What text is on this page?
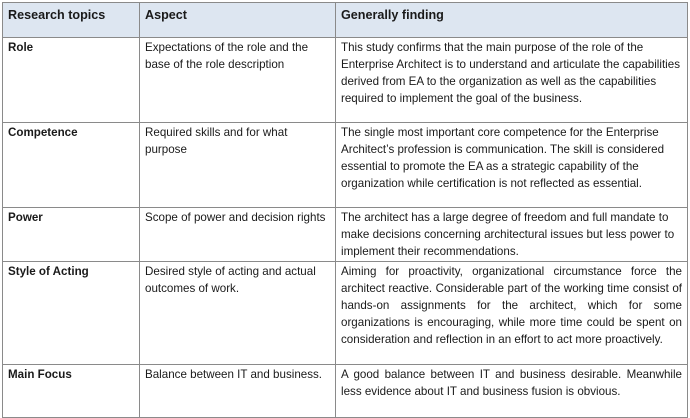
Research topics	Aspect	Generally finding
Role	Expectations of the role and the base of the role description	This study confirms that the main purpose of the role of the Enterprise Architect is to understand and articulate the capabilities derived from EA to the organization as well as the capabilities required to implement the goal of the business.
Competence	Required skills and for what purpose	The single most important core competence for the Enterprise Architect’s profession is communication. The skill is considered essential to promote the EA as a strategic capability of the organization while certification is not reflected as essential.
Power	Scope of power and decision rights	The architect has a large degree of freedom and full mandate to make decisions concerning architectural issues but less power to implement their recommendations.
Style of Acting	Desired style of acting and actual outcomes of work.	Aiming for proactivity, organizational circumstance force the architect reactive. Considerable part of the working time consist of hands-on assignments for the architect, which for some organizations is encouraging, while more time could be spent on consideration and reflection in an effort to act more proactively.
Main Focus	Balance between IT and business.	A good balance between IT and business desirable. Meanwhile less evidence about IT and business fusion is obvious.
